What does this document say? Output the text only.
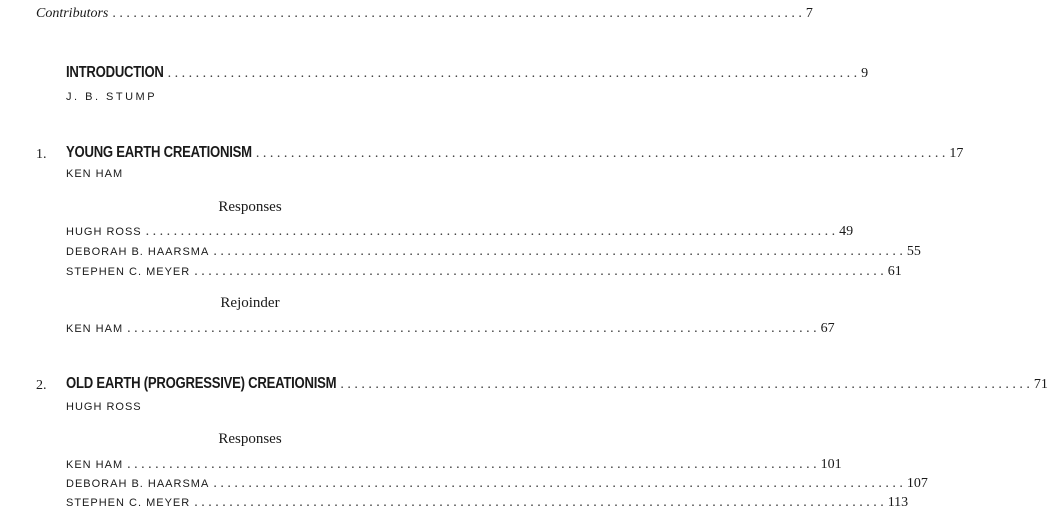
Contributors . . .	7
INTRODUCTION . . .	9
J. B. STUMP
1. YOUNG EARTH CREATIONISM . . .	17
KEN HAM
Responses
HUGH ROSS . . .	49
DEBORAH B. HAARSMA . . .	55
STEPHEN C. MEYER . . .	61
Rejoinder
KEN HAM . . .	67
2. OLD EARTH (PROGRESSIVE) CREATIONISM . . .	71
HUGH ROSS
Responses
KEN HAM . . .	101
DEBORAH B. HAARSMA . . .	107
STEPHEN C. MEYER . . .	113
